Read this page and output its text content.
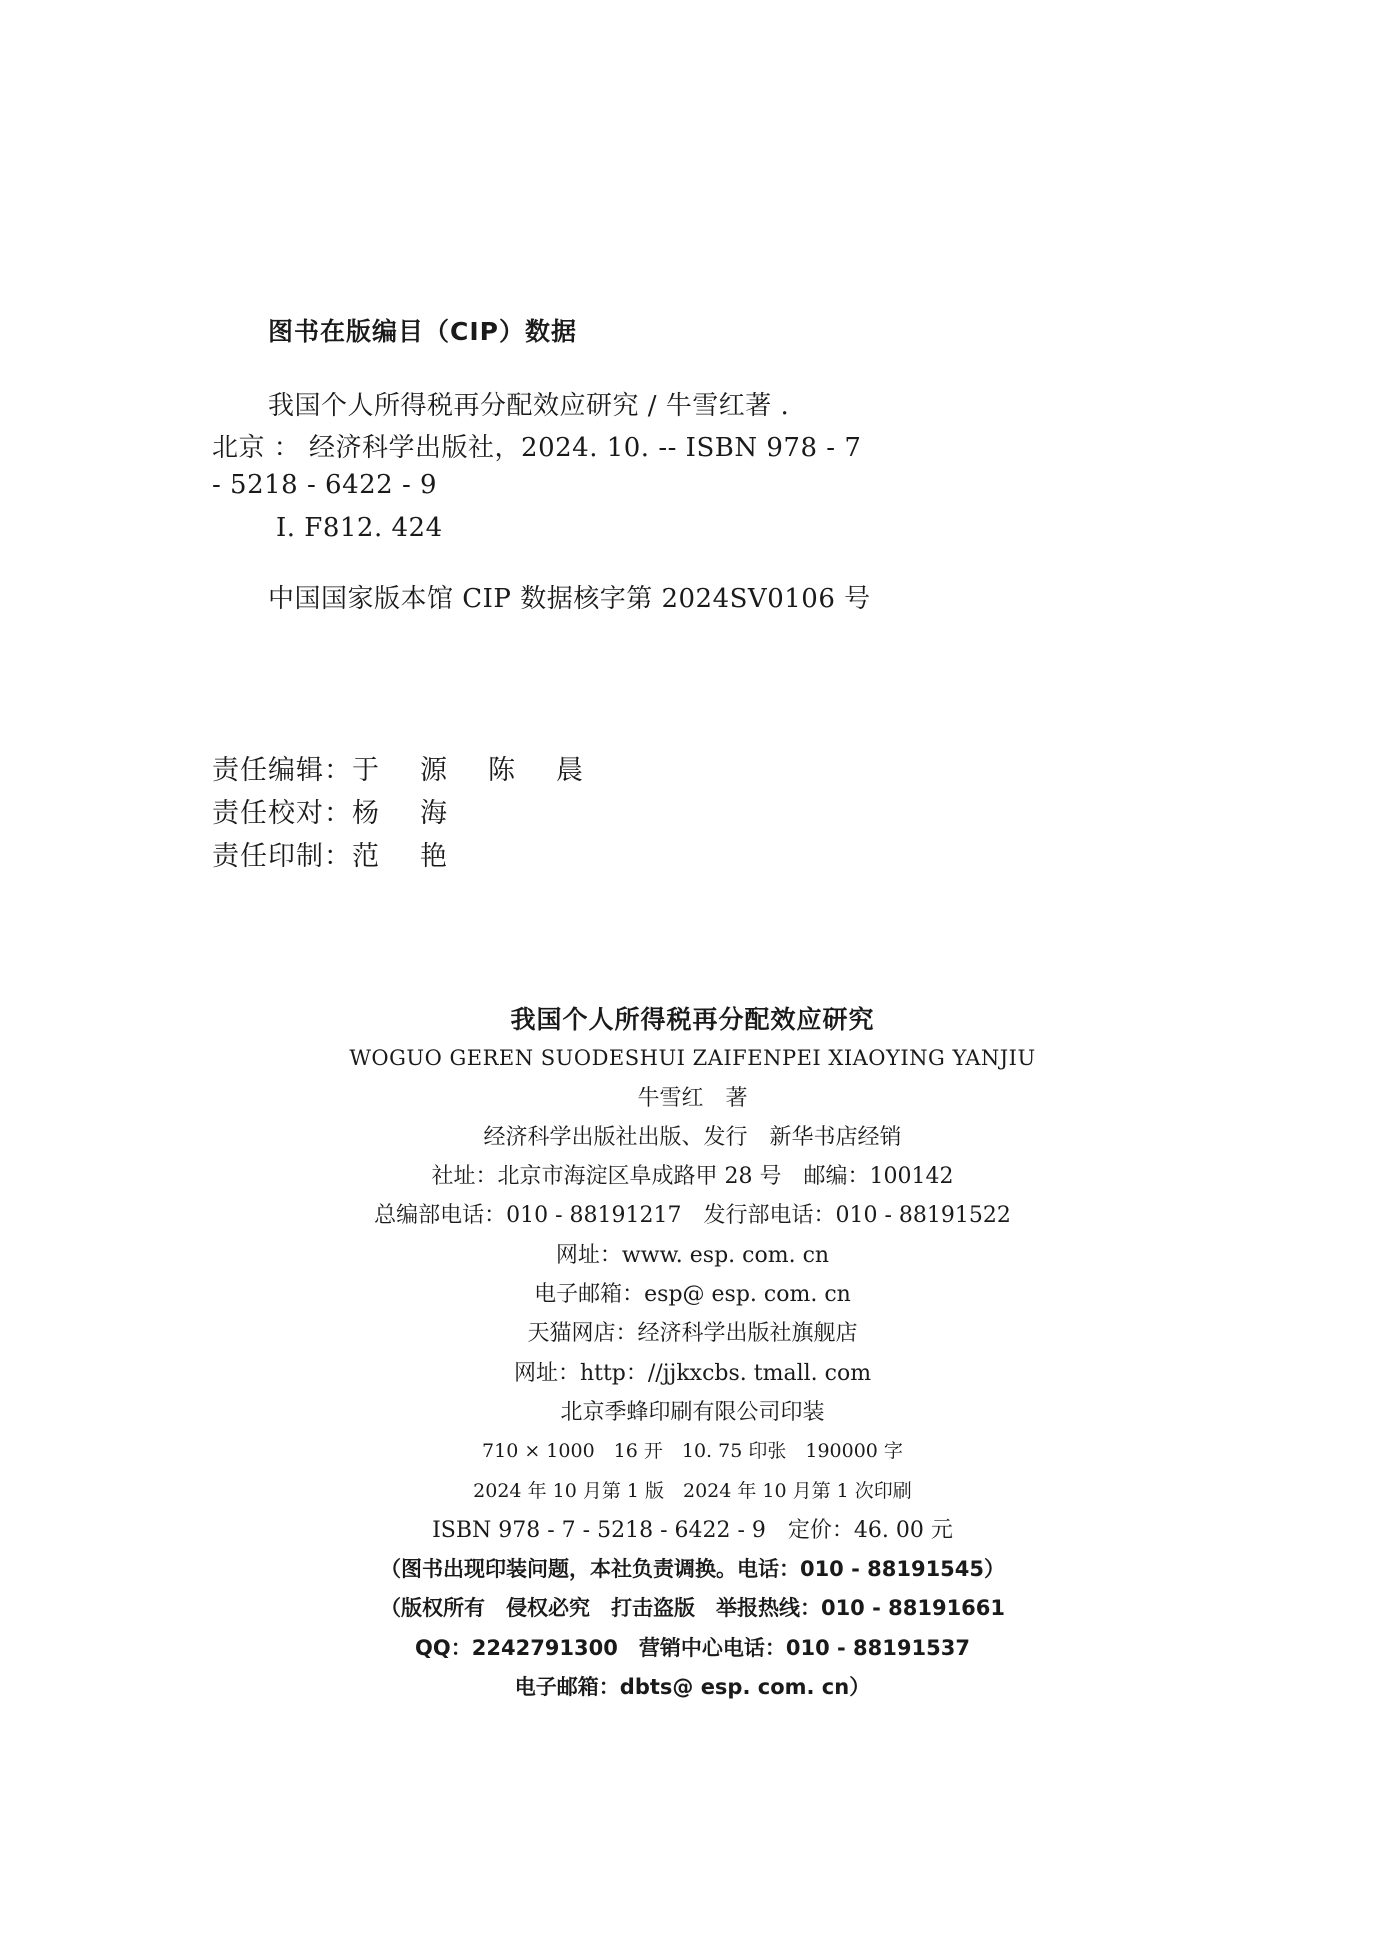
图书在版编目（CIP）数据
我国个人所得税再分配效应研究 / 牛雪红著 .
北京 ： 经济科学出版社，2024. 10. -- ISBN 978 - 7
- 5218 - 6422 - 9
Ⅰ. F812. 424
中国国家版本馆 CIP 数据核字第 2024SV0106 号
责任编辑：于 源 陈 晨
责任校对：杨 海
责任印制：范 艳
我国个人所得税再分配效应研究
WOGUO GEREN SUODESHUI ZAIFENPEI XIAOYING YANJIU
牛雪红　著
经济科学出版社出版、发行　新华书店经销
社址：北京市海淀区阜成路甲 28 号　邮编：100142
总编部电话：010 - 88191217　发行部电话：010 - 88191522
网址：www. esp. com. cn
电子邮箱：esp@ esp. com. cn
天猫网店：经济科学出版社旗舰店
网址：http：//jjkxcbs. tmall. com
北京季蜂印刷有限公司印装
710 × 1000　16 开　10. 75 印张　190000 字
2024 年 10 月第 1 版　2024 年 10 月第 1 次印刷
ISBN 978 - 7 - 5218 - 6422 - 9　定价：46. 00 元
（图书出现印装问题，本社负责调换。电话：010 - 88191545）
（版权所有　侵权必究　打击盗版　举报热线：010 - 88191661
QQ：2242791300　营销中心电话：010 - 88191537
电子邮箱：dbts@ esp. com. cn）
